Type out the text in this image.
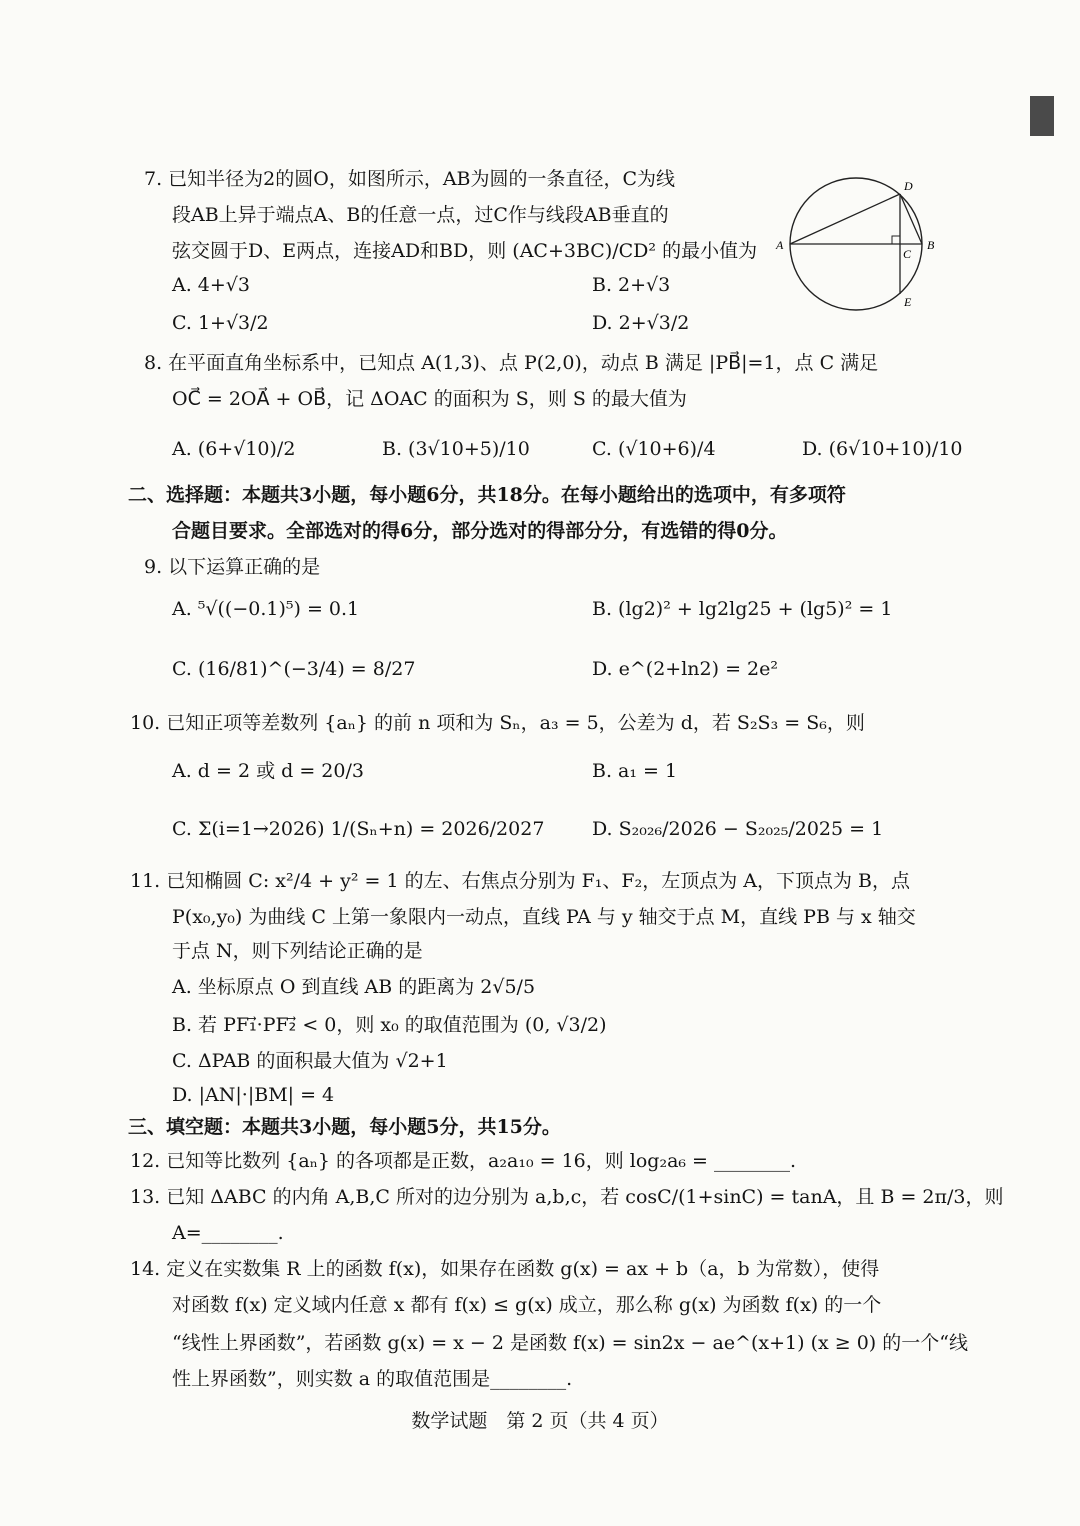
7. 已知半径为2的圆O，如图所示，AB为圆的一条直径，C为线
段AB上异于端点A、B的任意一点，过C作与线段AB垂直的
弦交圆于D、E两点，连接AD和BD，则 (AC+3BC)/CD² 的最小值为
A. 4+√3	B. 2+√3
C. 1+√3/2	D. 2+√3/2
A	B
C
D
E
8. 在平面直角坐标系中，已知点 A(1,3)、点 P(2,0)，动点 B 满足 |PB⃗|=1，点 C 满足
OC⃗ = 2OA⃗ + OB⃗，记 ΔOAC 的面积为 S，则 S 的最大值为
A. (6+√10)/2	B. (3√10+5)/10	C. (√10+6)/4	D. (6√10+10)/10
二、选择题：本题共3小题，每小题6分，共18分。在每小题给出的选项中，有多项符
合题目要求。全部选对的得6分，部分选对的得部分分，有选错的得0分。
9. 以下运算正确的是
A. ⁵√((−0.1)⁵) = 0.1	B. (lg2)² + lg2lg25 + (lg5)² = 1
C. (16/81)^(−3/4) = 8/27	D. e^(2+ln2) = 2e²
10. 已知正项等差数列 {aₙ} 的前 n 项和为 Sₙ，a₃ = 5，公差为 d，若 S₂S₃ = S₆，则
A. d = 2 或 d = 20/3	B. a₁ = 1
C. Σ(i=1→2026) 1/(Sₙ+n) = 2026/2027	D. S₂₀₂₆/2026 − S₂₀₂₅/2025 = 1
11. 已知椭圆 C: x²/4 + y² = 1 的左、右焦点分别为 F₁、F₂，左顶点为 A，下顶点为 B，点
P(x₀,y₀) 为曲线 C 上第一象限内一动点，直线 PA 与 y 轴交于点 M，直线 PB 与 x 轴交
于点 N，则下列结论正确的是
A. 坐标原点 O 到直线 AB 的距离为 2√5/5
B. 若 PF₁⃗·PF₂⃗ < 0，则 x₀ 的取值范围为 (0, √3/2)
C. ΔPAB 的面积最大值为 √2+1
D. |AN|·|BM| = 4
三、填空题：本题共3小题，每小题5分，共15分。
12. 已知等比数列 {aₙ} 的各项都是正数，a₂a₁₀ = 16，则 log₂a₆ = ________.
13. 已知 ΔABC 的内角 A,B,C 所对的边分别为 a,b,c，若 cosC/(1+sinC) = tanA，且 B = 2π/3，则
A=________.
14. 定义在实数集 R 上的函数 f(x)，如果存在函数 g(x) = ax + b（a，b 为常数），使得
对函数 f(x) 定义域内任意 x 都有 f(x) ≤ g(x) 成立，那么称 g(x) 为函数 f(x) 的一个
“线性上界函数”，若函数 g(x) = x − 2 是函数 f(x) = sin2x − ae^(x+1) (x ≥ 0) 的一个“线
性上界函数”，则实数 a 的取值范围是________.
数学试题　第 2 页（共 4 页）
